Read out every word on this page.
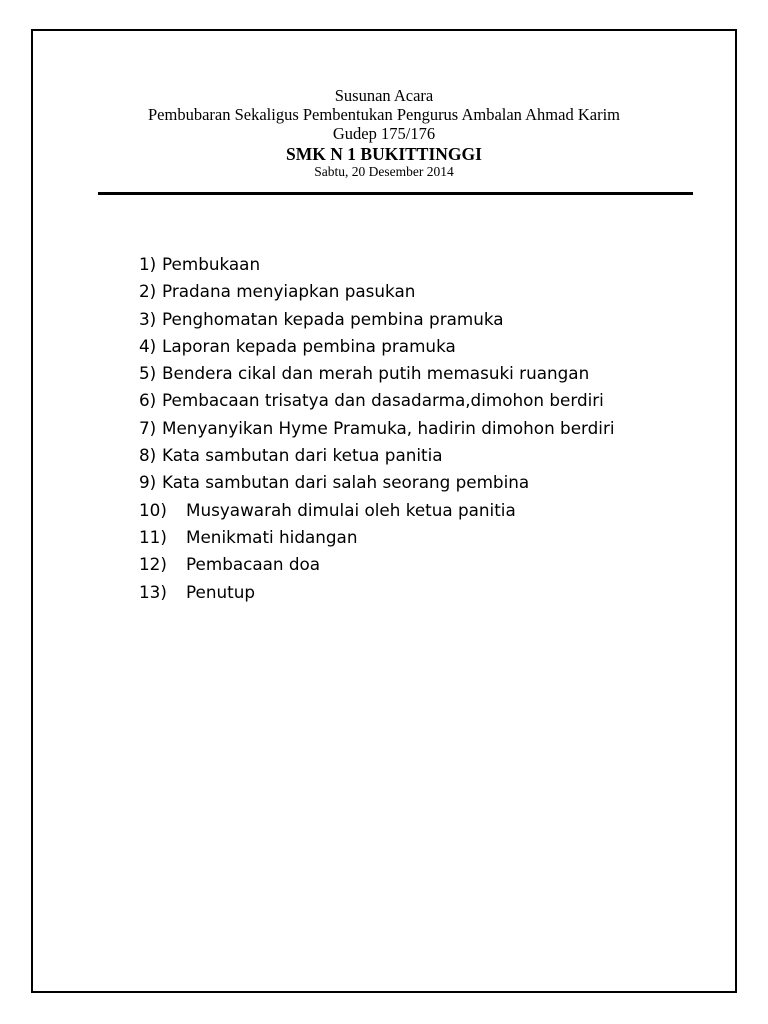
Susunan Acara
Pembubaran Sekaligus Pembentukan Pengurus Ambalan Ahmad Karim
Gudep 175/176
SMK N 1 BUKITTINGGI
Sabtu, 20 Desember 2014
1) Pembukaan
2) Pradana menyiapkan pasukan
3) Penghomatan kepada pembina pramuka
4) Laporan kepada pembina pramuka
5) Bendera cikal dan merah putih memasuki ruangan
6) Pembacaan trisatya dan dasadarma,dimohon berdiri
7) Menyanyikan Hyme Pramuka, hadirin dimohon berdiri
8) Kata sambutan dari ketua panitia
9) Kata sambutan dari salah seorang pembina
10) Musyawarah dimulai oleh ketua panitia
11) Menikmati hidangan
12) Pembacaan doa
13) Penutup
